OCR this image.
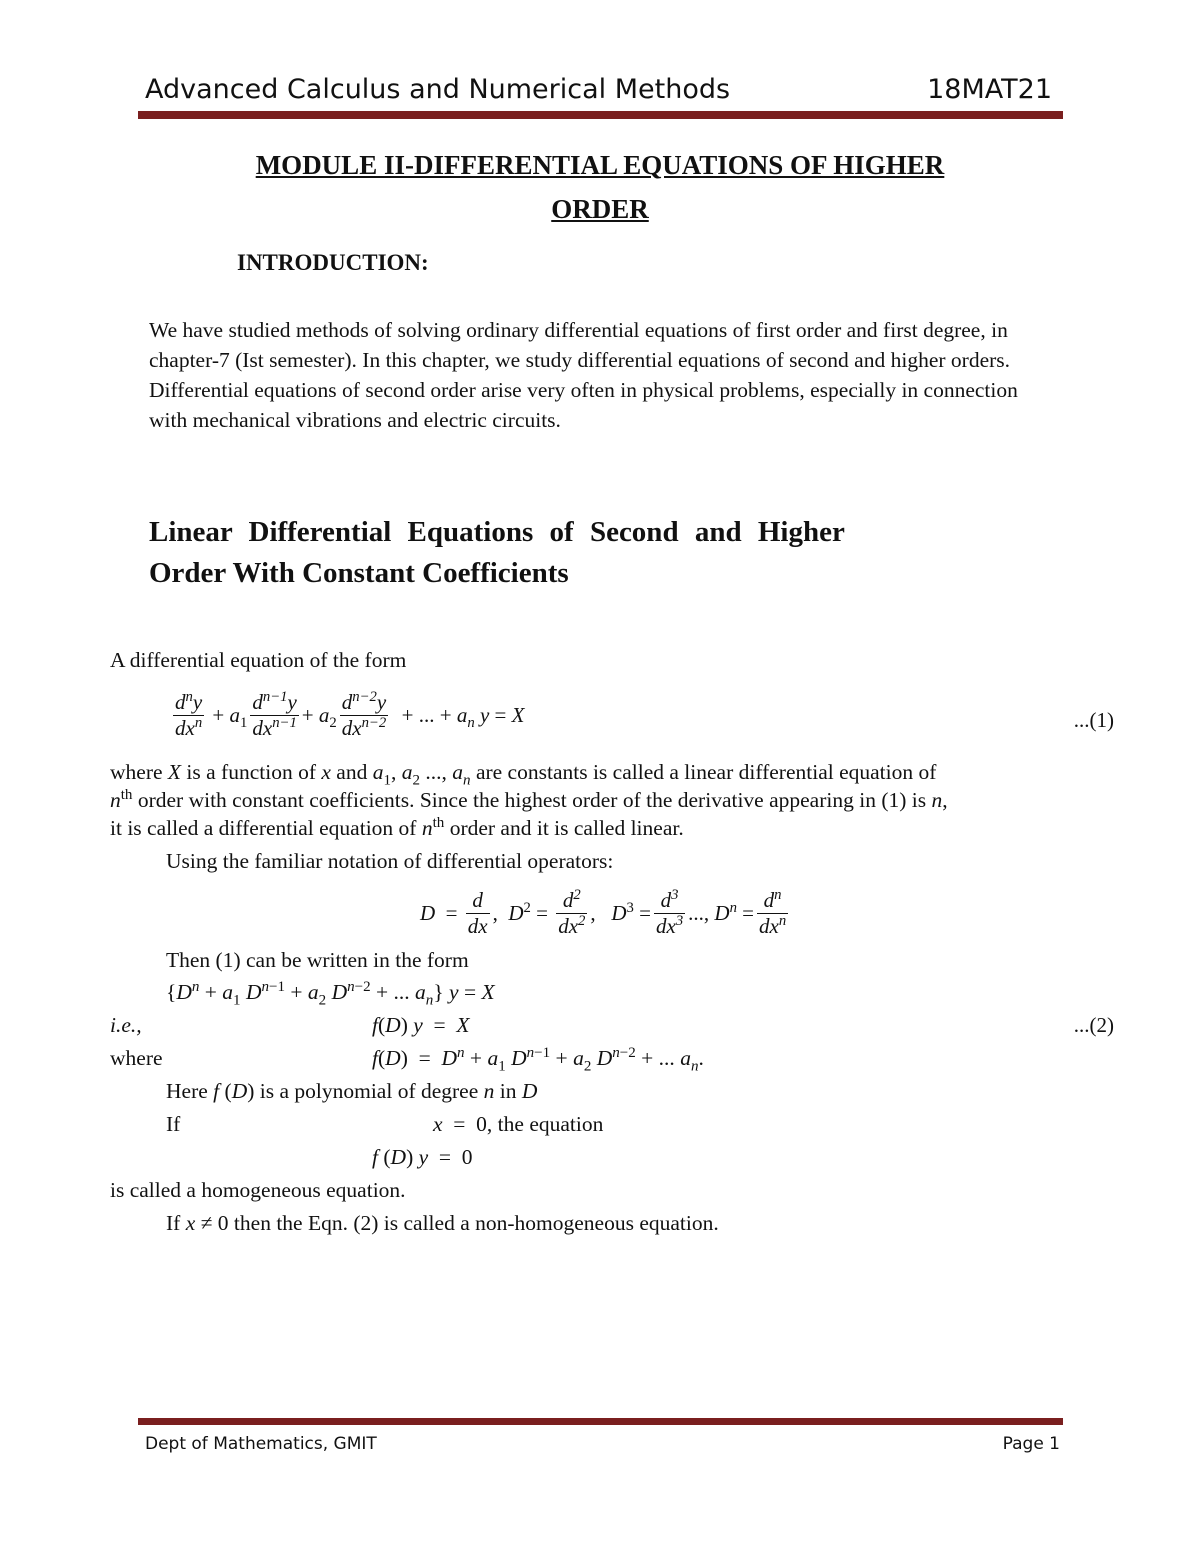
Advanced Calculus and Numerical Methods	18MAT21
MODULE II-DIFFERENTIAL EQUATIONS OF HIGHER
ORDER
INTRODUCTION:
We have studied methods of solving ordinary differential equations of first order and first degree, in
chapter-7 (Ist semester). In this chapter, we study differential equations of second and higher orders.
Differential equations of second order arise very often in physical problems, especially in connection
with mechanical vibrations and electric circuits.
Linear Differential Equations of Second and Higher
Order With Constant Coefficients
A differential equation of the form
$\frac{d^ny}{dx^n} + a_1 \frac{d^{n-1}y}{dx^{n-1}} + a_2 \frac{d^{n-2}y}{dx^{n-2}}$ + ... + $a_n$ y = X	...(1)
where X is a function of x and $a_1$, $a_2$ ..., $a_n$ are constants is called a linear differential equation of
$n^{th}$ order with constant coefficients. Since the highest order of the derivative appearing in (1) is n,
it is called a differential equation of $n^{th}$ order and it is called linear.
Using the familiar notation of differential operators:
$D = \frac{d}{dx}$ ,  $D^2 = \frac{d^2}{dx^2}$ ,   $D^3 = \frac{d^3}{dx^3}$ ..., $D^n = \frac{d^n}{dx^n}$
Then (1) can be written in the form
{$D^n + a_1$ $D^{n-1} + a_2$ $D^{n-2}$ + ... $a_n$} y = X
i.e.,	f(D) y  =  X	...(2)
where	$f(D) = D^n + a_1$ $D^{n-1} + a_2$ $D^{n-2}$ + ... $a_n$.
Here f (D) is a polynomial of degree n in D
If	x  =  0, the equation
f (D) y  =  0
is called a homogeneous equation.
If x ≠ 0 then the Eqn. (2) is called a non-homogeneous equation.
Dept of Mathematics, GMIT	Page 1
